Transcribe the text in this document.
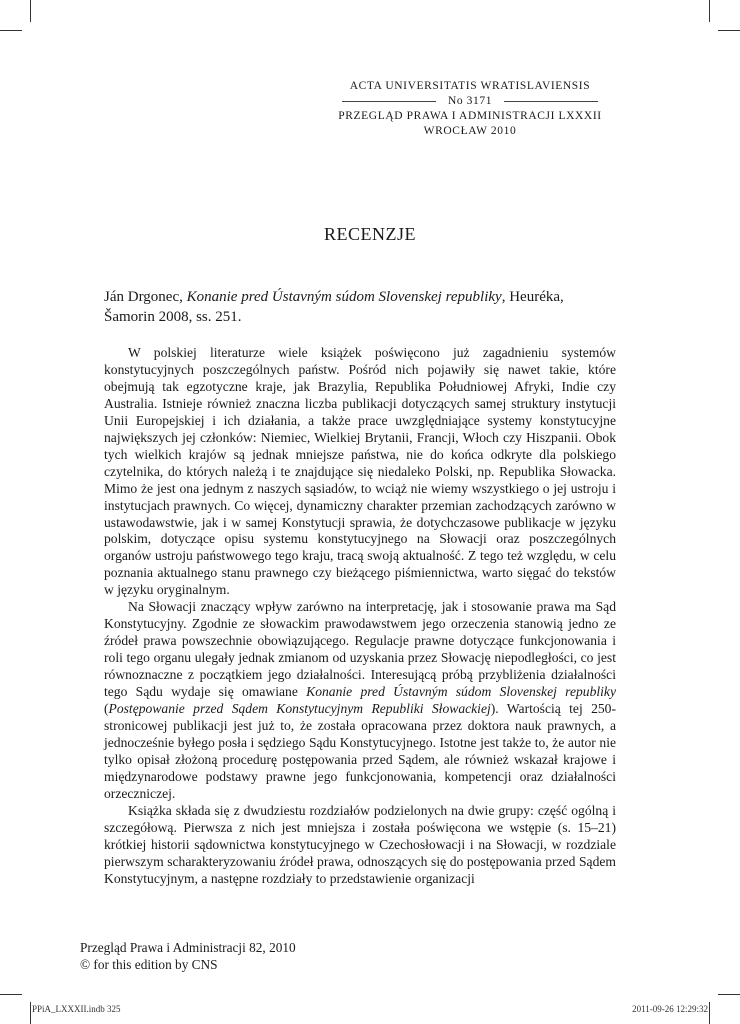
ACTA UNIVERSITATIS WRATISLAVIENSIS
No 3171
PRZEGLĄD PRAWA I ADMINISTRACJI LXXXII
WROCŁAW 2010
RECENZJE
Ján Drgonec, Konanie pred Ústavným súdom Slovenskej republiky, Heuréka, Šamorin 2008, ss. 251.

W polskiej literaturze wiele książek poświęcono już zagadnieniu systemów konstytucyjnych poszczególnych państw. Pośród nich pojawiły się nawet takie, które obejmują tak egzotyczne kraje, jak Brazylia, Republika Południowej Afryki, Indie czy Australia. Istnieje również znaczna liczba publikacji dotyczących samej struktury instytucji Unii Europejskiej i ich działania, a także prace uwzględniające systemy konstytucyjne największych jej członków: Niemiec, Wielkiej Brytanii, Francji, Włoch czy Hiszpanii. Obok tych wielkich krajów są jednak mniejsze państwa, nie do końca odkryte dla polskiego czytelnika, do których należą i te znajdujące się niedaleko Polski, np. Republika Słowacka. Mimo że jest ona jednym z naszych sąsiadów, to wciąż nie wiemy wszystkiego o jej ustroju i instytucjach prawnych. Co więcej, dynamiczny charakter przemian zachodzących zarówno w ustawodawstwie, jak i w samej Konstytucji sprawia, że dotychczasowe publikacje w języku polskim, dotyczące opisu systemu konstytucyjnego na Słowacji oraz poszczególnych organów ustroju państwowego tego kraju, tracą swoją aktualność. Z tego też względu, w celu poznania aktualnego stanu prawnego czy bieżącego piśmiennictwa, warto sięgać do tekstów w języku oryginalnym.

Na Słowacji znaczący wpływ zarówno na interpretację, jak i stosowanie prawa ma Sąd Konstytucyjny. Zgodnie ze słowackim prawodawstwem jego orzeczenia stanowią jedno ze źródeł prawa powszechnie obowiązującego. Regulacje prawne dotyczące funkcjonowania i roli tego organu ulegały jednak zmianom od uzyskania przez Słowację niepodległości, co jest równoznaczne z początkiem jego działalności. Interesującą próbą przybliżenia działalności tego Sądu wydaje się omawiane Konanie pred Ústavným súdom Slovenskej republiky (Postępowanie przed Sądem Konstytucyjnym Republiki Słowackiej). Wartością tej 250-stronicowej publikacji jest już to, że została opracowana przez doktora nauk prawnych, a jednocześnie byłego posła i sędziego Sądu Konstytucyjnego. Istotne jest także to, że autor nie tylko opisał złożoną procedurę postępowania przed Sądem, ale również wskazał krajowe i międzynarodowe podstawy prawne jego funkcjonowania, kompetencji oraz działalności orzeczniczej.

Książka składa się z dwudziestu rozdziałów podzielonych na dwie grupy: część ogólną i szczegółową. Pierwsza z nich jest mniejsza i została poświęcona we wstępie (s. 15–21) krótkiej historii sądownictwa konstytucyjnego w Czechosłowacji i na Słowacji, w rozdziale pierwszym scharakteryzowaniu źródeł prawa, odnoszących się do postępowania przed Sądem Konstytucyjnym, a następne rozdziały to przedstawienie organizacji

Przegląd Prawa i Administracji 82, 2010
© for this edition by CNS
PPiA_LXXXII.indb 325	2011-09-26 12:29:32
